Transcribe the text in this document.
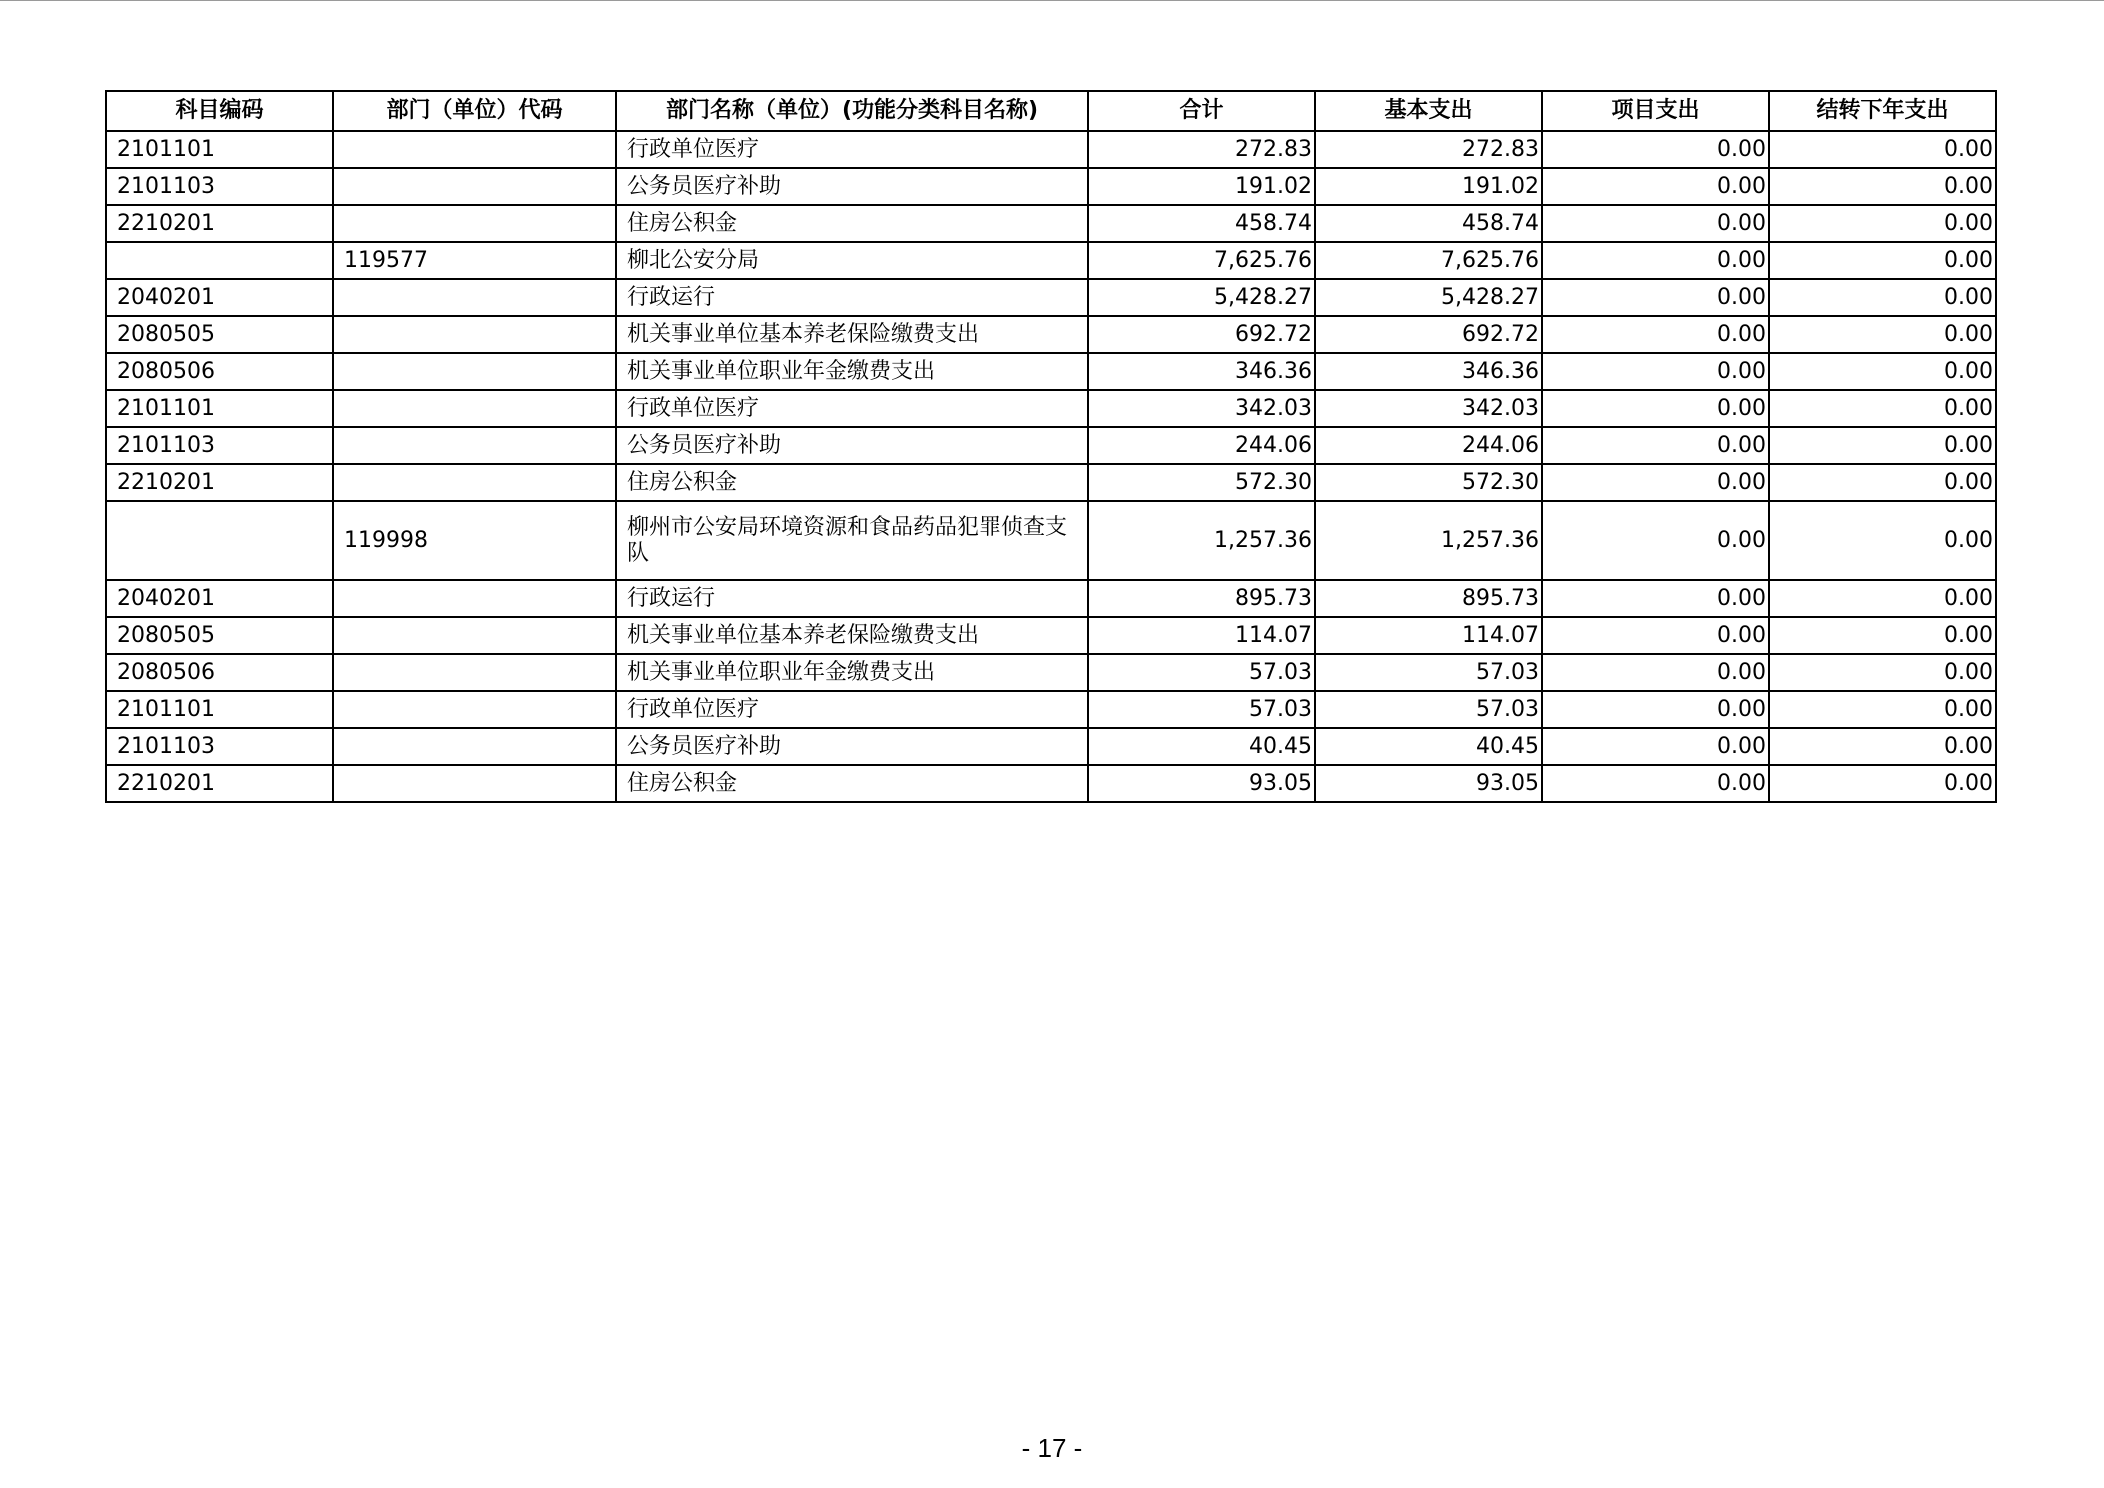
科目编码	部门（单位）代码	部门名称（单位）(功能分类科目名称)	合计	基本支出	项目支出	结转下年支出
2101101		行政单位医疗	272.83	272.83	0.00	0.00
2101103		公务员医疗补助	191.02	191.02	0.00	0.00
2210201		住房公积金	458.74	458.74	0.00	0.00
	119577	柳北公安分局	7,625.76	7,625.76	0.00	0.00
2040201		行政运行	5,428.27	5,428.27	0.00	0.00
2080505		机关事业单位基本养老保险缴费支出	692.72	692.72	0.00	0.00
2080506		机关事业单位职业年金缴费支出	346.36	346.36	0.00	0.00
2101101		行政单位医疗	342.03	342.03	0.00	0.00
2101103		公务员医疗补助	244.06	244.06	0.00	0.00
2210201		住房公积金	572.30	572.30	0.00	0.00
	119998	柳州市公安局环境资源和食品药品犯罪侦查支队	1,257.36	1,257.36	0.00	0.00
2040201		行政运行	895.73	895.73	0.00	0.00
2080505		机关事业单位基本养老保险缴费支出	114.07	114.07	0.00	0.00
2080506		机关事业单位职业年金缴费支出	57.03	57.03	0.00	0.00
2101101		行政单位医疗	57.03	57.03	0.00	0.00
2101103		公务员医疗补助	40.45	40.45	0.00	0.00
2210201		住房公积金	93.05	93.05	0.00	0.00
- 17 -
